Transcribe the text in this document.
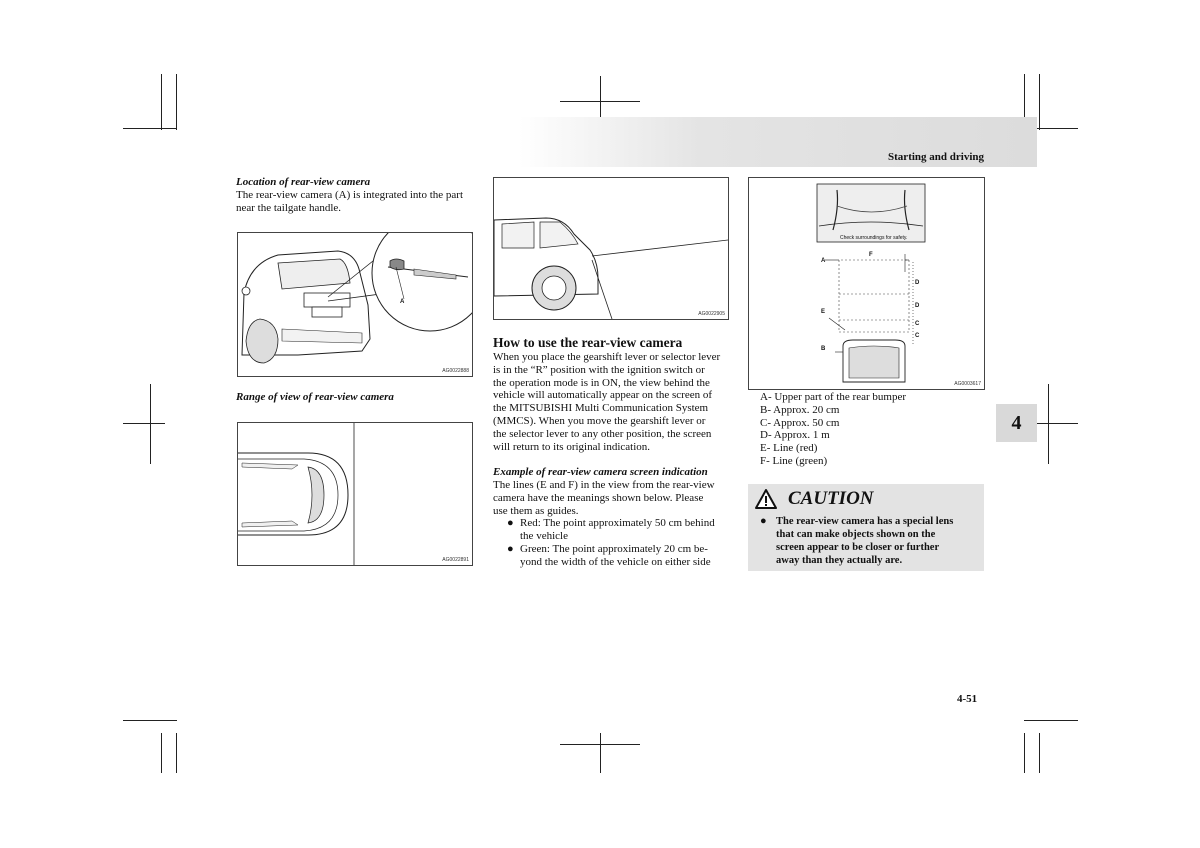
Starting and driving
4
4-51
Location of rear-view camera
The rear-view camera (A) is integrated into the part
near the tailgate handle.
A
AG0022888
Range of view of rear-view camera
AG0022891
AG0022905
How to use the rear-view camera
When you place the gearshift lever or selector lever
is in the “R” position with the ignition switch or
the operation mode is in ON, the view behind the
vehicle will automatically appear on the screen of
the MITSUBISHI Multi Communication System
(MMCS). When you move the gearshift lever or
the selector lever to any other position, the screen
will return to its original indication.
Example of rear-view camera screen indication
The lines (E and F) in the view from the rear-view
camera have the meanings shown below. Please
use them as guides.
● Red: The point approximately 50 cm behind
the vehicle
● Green: The point approximately 20 cm be-
yond the width of the vehicle on either side
Check surroundings for safety.
A
F
D
D
E
C
C
B
AG0003617
A- Upper part of the rear bumper
B- Approx. 20 cm
C- Approx. 50 cm
D- Approx. 1 m
E- Line (red)
F- Line (green)
CAUTION
● The rear-view camera has a special lens
that can make objects shown on the
screen appear to be closer or further
away than they actually are.
